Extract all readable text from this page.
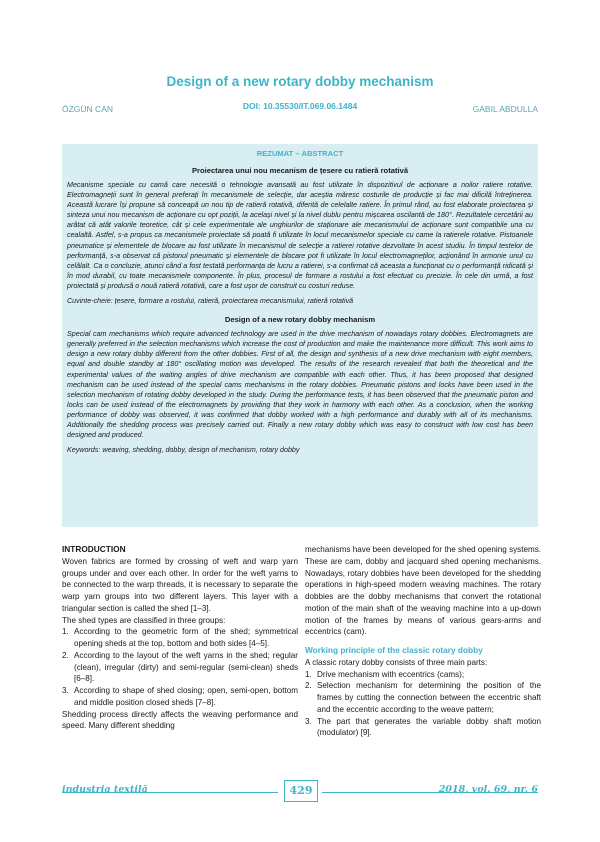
Design of a new rotary dobby mechanism
ÖZGÜN CAN	DOI: 10.35530/IT.069.06.1484	GABIL ABDULLA
REZUMAT – ABSTRACT
Proiectarea unui nou mecanism de țesere cu ratieră rotativă

Mecanisme speciale cu camă care necesită o tehnologie avansată au fost utilizate în dispozitivul de acționare a noilor ratiere rotative. Electromagneții sunt în general preferați în mecanismele de selecție, dar aceștia măresc costurile de producție și fac mai dificilă întreținerea. Această lucrare își propune să conceapă un nou tip de ratieră rotativă, diferită de celelalte ratiere. În primul rând, au fost elaborate proiectarea și sinteza unui nou mecanism de acționare cu opt poziții, la același nivel și la nivel dublu pentru mișcarea oscilantă de 180°. Rezultatele cercetării au arătat că atât valorile teoretice, cât și cele experimentale ale unghiurilor de staționare ale mecanismului de acționare sunt compatibile una cu cealaltă. Astfel, s-a propus ca mecanismele proiectate să poată fi utilizate în locul mecanismelor speciale cu came la ratierele rotative. Pistoanele pneumatice și elementele de blocare au fost utilizate în mecanismul de selecție a ratierei rotative dezvoltate în acest studiu. În timpul testelor de performanță, s-a observat că pistonul pneumatic și elementele de blocare pot fi utilizate în locul electromagneților, acționând în armonie unul cu celălalt. Ca o concluzie, atunci când a fost testată performanța de lucru a ratierei, s-a confirmat că aceasta a funcționat cu o performanță ridicată și în mod durabil, cu toate mecanismele componente. În plus, procesul de formare a rostului a fost efectuat cu precizie. În cele din urmă, a fost proiectată și produsă o nouă ratieră rotativă, care a fost ușor de construit cu costuri reduse.

Cuvinte-cheie: țesere, formare a rostului, ratieră, proiectarea mecanismului, ratieră rotativă
Design of a new rotary dobby mechanism

Special cam mechanisms which require advanced technology are used in the drive mechanism of nowadays rotary dobbies. Electromagnets are generally preferred in the selection mechanisms which increase the cost of production and make the maintenance more difficult. This work aims to design a new rotary dobby different from the other dobbies. First of all, the design and synthesis of a new drive mechanism with eight members, equal and double standby at 180° oscillating motion was developed. The results of the research revealed that both the theoretical and the experimental values of the waiting angles of drive mechanism are compatible with each other. Thus, it has been proposed that designed mechanism can be used instead of the special cams mechanisms in the rotary dobbies. Pneumatic pistons and locks have been used in the selection mechanism of rotating dobby developed in the study. During the performance tests, it has been observed that the pneumatic piston and locks can be used instead of the electromagnets by providing that they work in harmony with each other. As a conclusion, when the working performance of dobby was observed, it was confirmed that dobby worked with a high performance and durably with all of its mechanisms. Additionally the shedding process was precisely carried out. Finally a new rotary dobby which was easy to construct with low cost has been designed and produced.

Keywords: weaving, shedding, dobby, design of mechanism, rotary dobby
INTRODUCTION

Woven fabrics are formed by crossing of weft and warp yarn groups under and over each other. In order for the weft yarns to be connected to the warp threads, it is necessary to separate the warp yarn groups into two different layers. This layer with a triangular section is called the shed [1–3].

The shed types are classified in three groups:

1. According to the geometric form of the shed; symmetrical opening sheds at the top, bottom and both sides [4–5].
2. According to the layout of the weft yarns in the shed; regular (clean), irregular (dirty) and semi-regular (semi-clean) sheds [6–8].
3. According to shape of shed closing; open, semi-open, bottom and middle position closed sheds [7–8].

Shedding process directly affects the weaving performance and speed. Many different shedding

mechanisms have been developed for the shed opening systems. These are cam, dobby and jacquard shed opening mechanisms. Nowadays, rotary dobbies have been developed for the shedding operations in high-speed modern weaving machines. The rotary dobbies are the dobby mechanisms that convert the rotational motion of the main shaft of the weaving machine into a up-down motion of the frames by means of various gears-arms and eccentrics (cam).

Working principle of the classic rotary dobby

A classic rotary dobby consists of three main parts:

1. Drive mechanism with eccentrics (cams);
2. Selection mechanism for determining the position of the frames by cutting the connection between the eccentric shaft and the eccentric according to the weave pattern;
3. The part that generates the variable dobby shaft motion (modulator) [9].
industria textilă	429	2018, vol. 69, nr. 6
